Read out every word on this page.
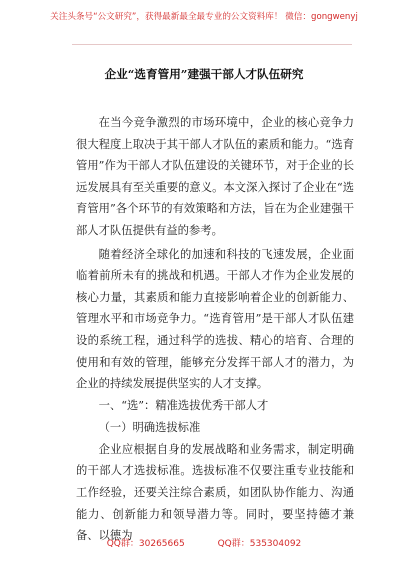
关注头条号“公文研究”，获得最新最全最专业的公文资料库！ 微信：gongwenyj
企业“选育管用”建强干部人才队伍研究

在当今竞争激烈的市场环境中，企业的核心竞争力很大程度上取决于其干部人才队伍的素质和能力。“选育管用”作为干部人才队伍建设的关键环节，对于企业的长远发展具有至关重要的意义。本文深入探讨了企业在“选育管用”各个环节的有效策略和方法，旨在为企业建强干部人才队伍提供有益的参考。

随着经济全球化的加速和科技的飞速发展，企业面临着前所未有的挑战和机遇。干部人才作为企业发展的核心力量，其素质和能力直接影响着企业的创新能力、管理水平和市场竞争力。“选育管用”是干部人才队伍建设的系统工程，通过科学的选拔、精心的培育、合理的使用和有效的管理，能够充分发挥干部人才的潜力，为企业的持续发展提供坚实的人才支撑。

一、“选”：精准选拔优秀干部人才

（一）明确选拔标准

企业应根据自身的发展战略和业务需求，制定明确的干部人才选拔标准。选拔标准不仅要注重专业技能和工作经验，还要关注综合素质，如团队协作能力、沟通能力、创新能力和领导潜力等。同时，要坚持德才兼备、以德为

QQ群：30265665	QQ群：535304092
